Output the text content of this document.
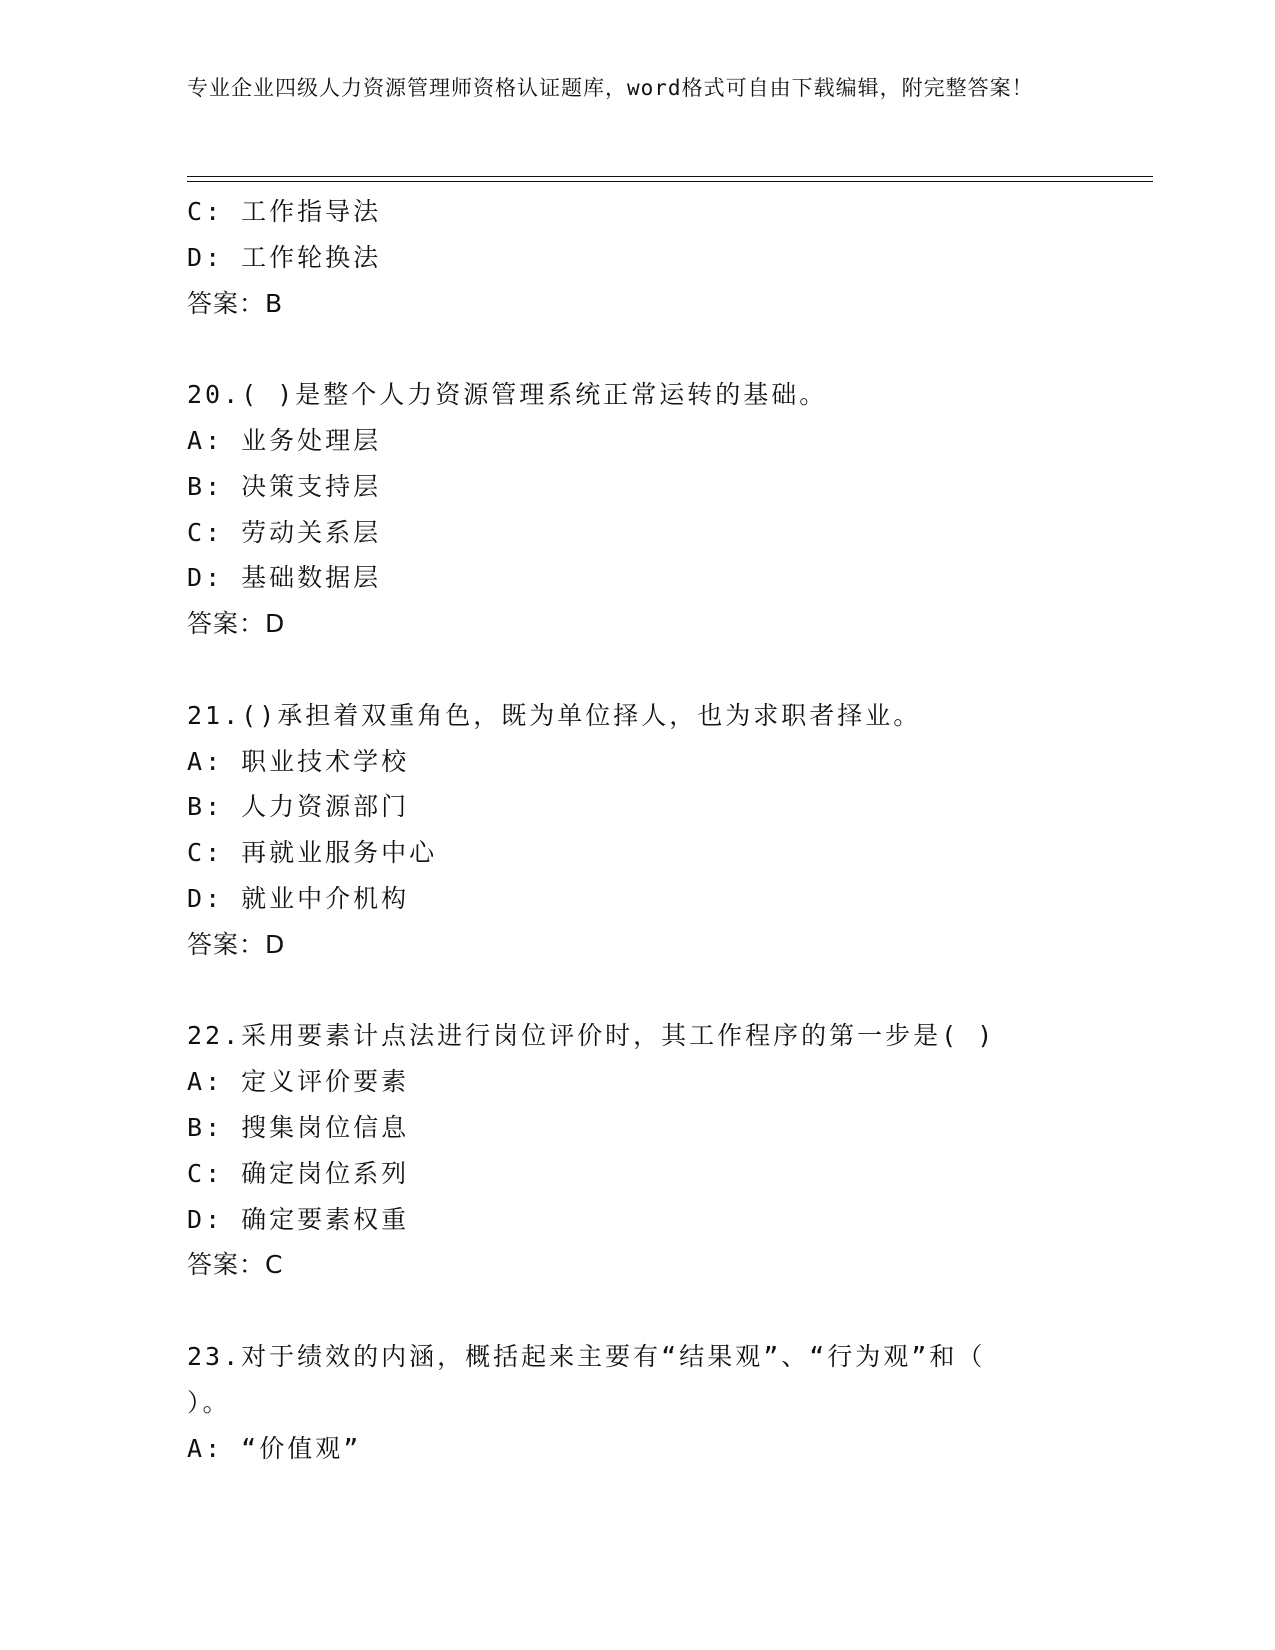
专业企业四级人力资源管理师资格认证题库，word格式可自由下载编辑，附完整答案！
C: 工作指导法
D: 工作轮换法
答案：B
20.( )是整个人力资源管理系统正常运转的基础。
A: 业务处理层
B: 决策支持层
C: 劳动关系层
D: 基础数据层
答案：D
21.()承担着双重角色，既为单位择人，也为求职者择业。
A: 职业技术学校
B: 人力资源部门
C: 再就业服务中心
D: 就业中介机构
答案：D
22.采用要素计点法进行岗位评价时，其工作程序的第一步是( )
A: 定义评价要素
B: 搜集岗位信息
C: 确定岗位系列
D: 确定要素权重
答案：C
23.对于绩效的内涵，概括起来主要有“结果观”、“行为观”和（ ）。
A: “价值观”
